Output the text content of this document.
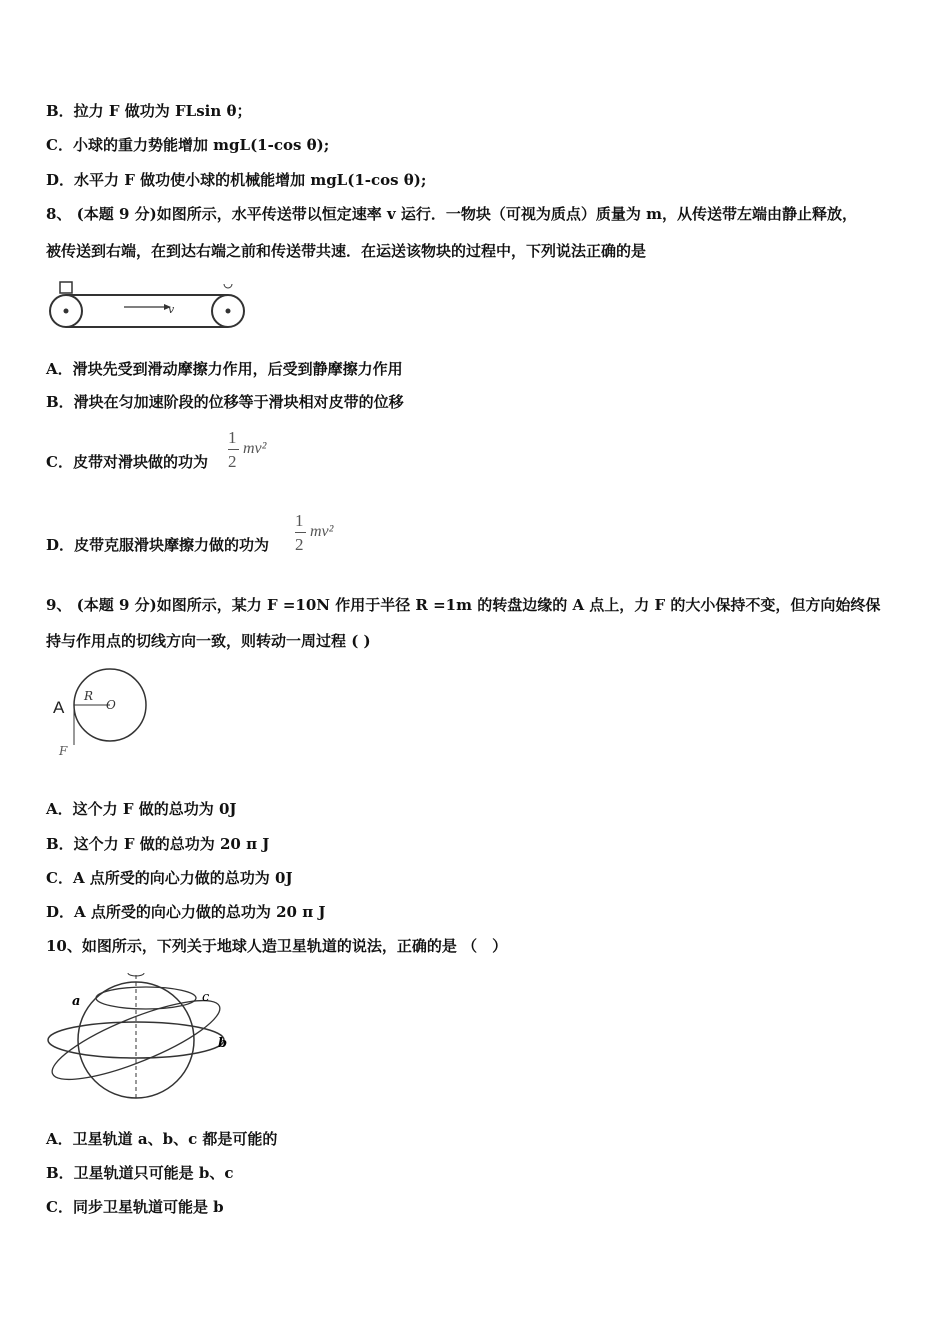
B．拉力 F 做功为 FLsin θ；
C．小球的重力势能增加 mgL(1-cos θ);
D．水平力 F 做功使小球的机械能增加 mgL(1-cos θ);
8、 (本题 9 分)如图所示，水平传送带以恒定速率 v 运行．一物块（可视为质点）质量为 m，从传送带左端由静止释放，
被传送到右端，在到达右端之前和传送带共速．在运送该物块的过程中，下列说法正确的是
v
A．滑块先受到滑动摩擦力作用，后受到静摩擦力作用
B．滑块在匀加速阶段的位移等于滑块相对皮带的位移
C．皮带对滑块做的功为
1
2
mv²
D．皮带克服滑块摩擦力做的功为
1
2
mv²
9、 (本题 9 分)如图所示，某力 F =10N 作用于半径 R =1m 的转盘边缘的 A 点上，力 F 的大小保持不变，但方向始终保
持与作用点的切线方向一致，则转动一周过程 ( )
A
R
O
F
A．这个力 F 做的总功为 0J
B．这个力 F 做的总功为 20 π J
C．A 点所受的向心力做的总功为 0J
D．A 点所受的向心力做的总功为 20 π J
10、如图所示，下列关于地球人造卫星轨道的说法，正确的是 （　）
a	c
b
A．卫星轨道 a、b、c 都是可能的
B．卫星轨道只可能是 b、c
C．同步卫星轨道可能是 b
